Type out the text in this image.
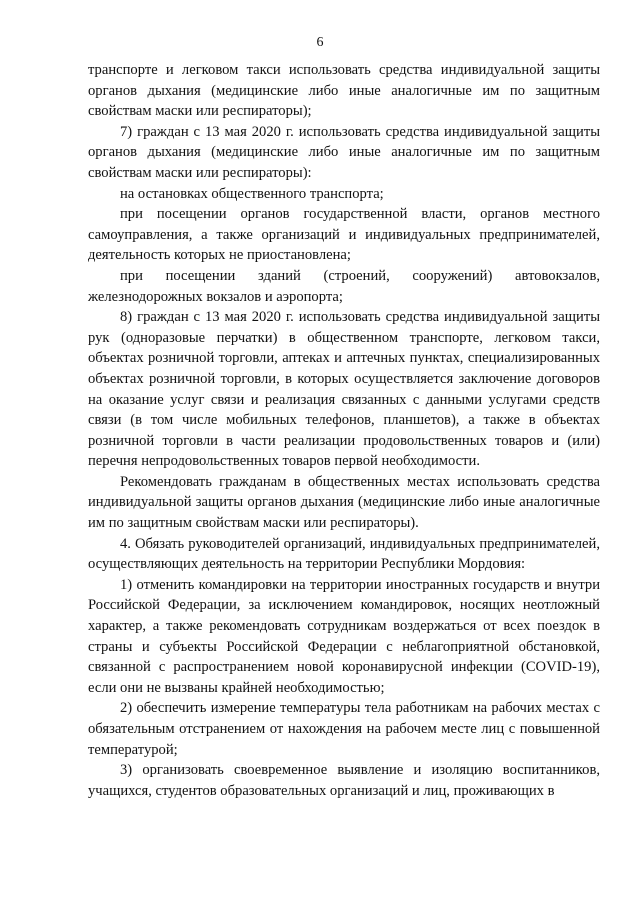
6

транспорте и легковом такси использовать средства индивидуальной защиты органов дыхания (медицинские либо иные аналогичные им по защитным свойствам маски или респираторы);

7) граждан с 13 мая 2020 г. использовать средства индивидуальной защиты органов дыхания (медицинские либо иные аналогичные им по защитным свойствам маски или респираторы):

на остановках общественного транспорта;

при посещении органов государственной власти, органов местного самоуправления, а также организаций и индивидуальных предпринимателей, деятельность которых не приостановлена;

при посещении зданий (строений, сооружений) автовокзалов, железнодорожных вокзалов и аэропорта;

8) граждан с 13 мая 2020 г. использовать средства индивидуальной защиты рук (одноразовые перчатки) в общественном транспорте, легковом такси, объектах розничной торговли, аптеках и аптечных пунктах, специализированных объектах розничной торговли, в которых осуществляется заключение договоров на оказание услуг связи и реализация связанных с данными услугами средств связи (в том числе мобильных телефонов, планшетов), а также в объектах розничной торговли в части реализации продовольственных товаров и (или) перечня непродовольственных товаров первой необходимости.

Рекомендовать гражданам в общественных местах использовать средства индивидуальной защиты органов дыхания (медицинские либо иные аналогичные им по защитным свойствам маски или респираторы).

4. Обязать руководителей организаций, индивидуальных предпринимателей, осуществляющих деятельность на территории Республики Мордовия:

1) отменить командировки на территории иностранных государств и внутри Российской Федерации, за исключением командировок, носящих неотложный характер, а также рекомендовать сотрудникам воздержаться от всех поездок в страны и субъекты Российской Федерации с неблагоприятной обстановкой, связанной с распространением новой коронавирусной инфекции (COVID-19), если они не вызваны крайней необходимостью;

2) обеспечить измерение температуры тела работникам на рабочих местах с обязательным отстранением от нахождения на рабочем месте лиц с повышенной температурой;

3) организовать своевременное выявление и изоляцию воспитанников, учащихся, студентов образовательных организаций и лиц, проживающих в
